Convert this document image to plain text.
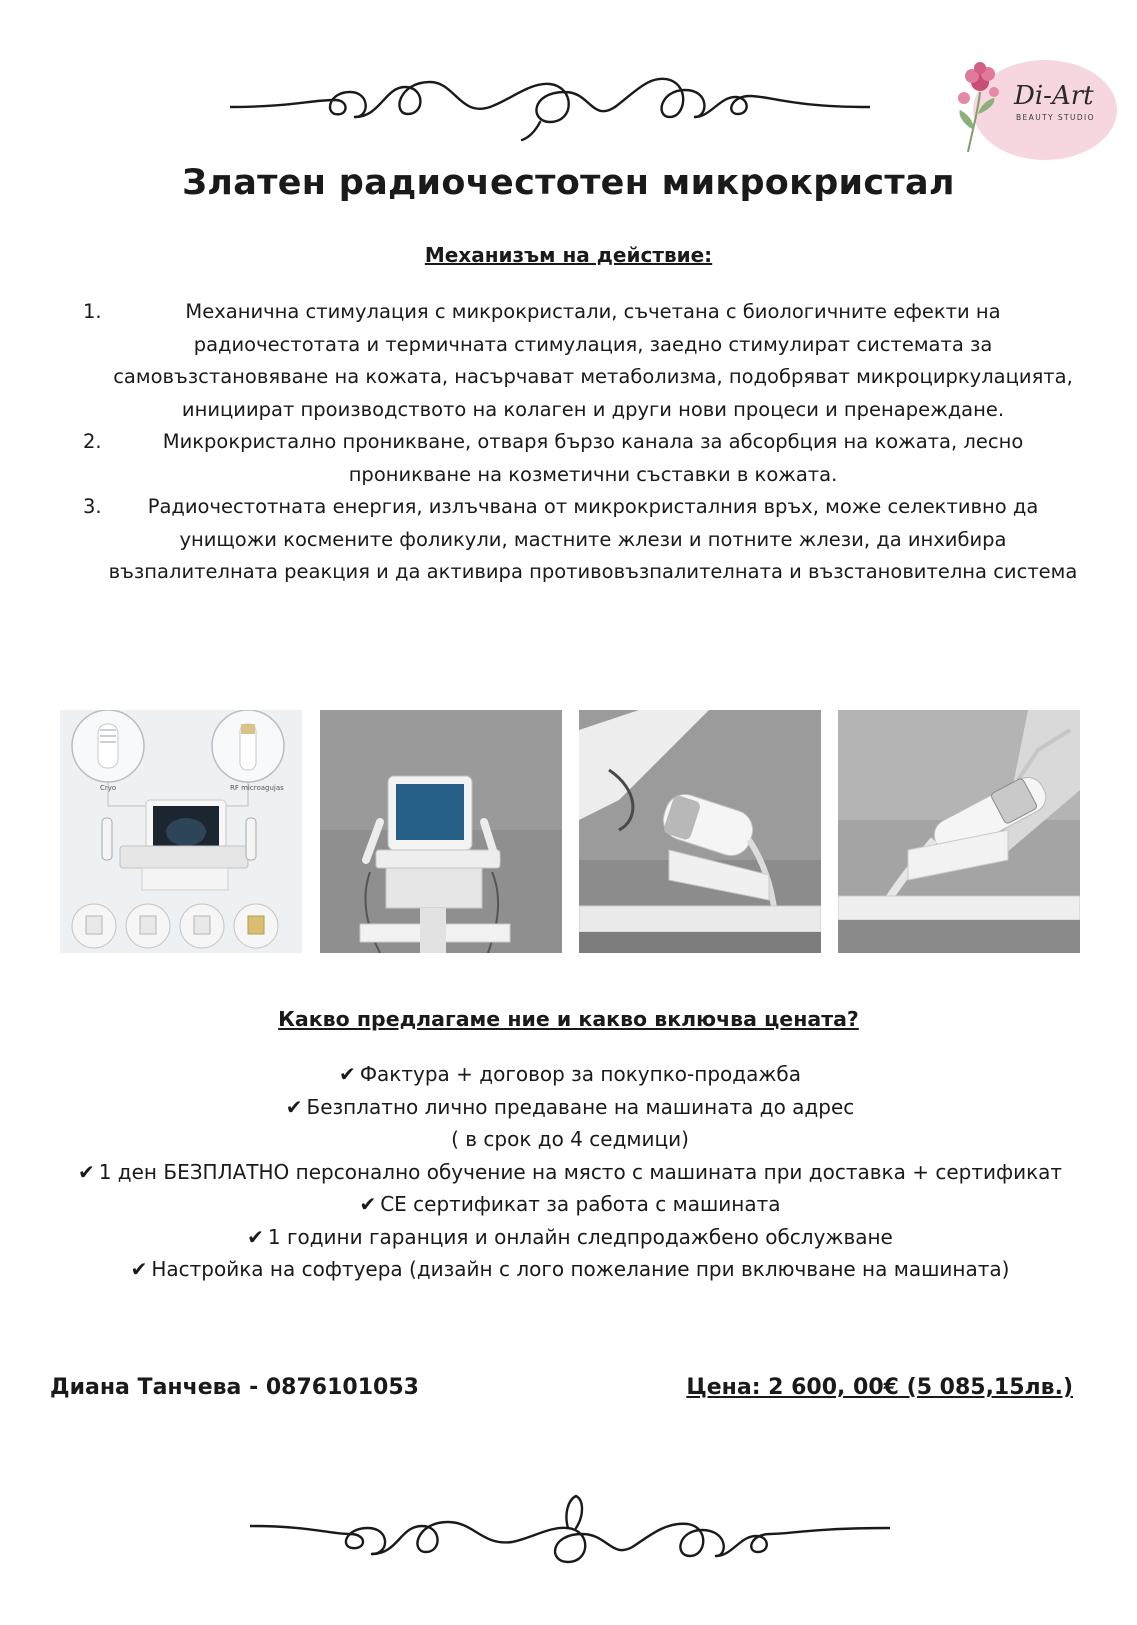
Di-Art
BEAUTY STUDIO
Златен радиочестотен микрокристал
Механизъм на действие:
1.	Механична стимулация с микрокристали, съчетана с биологичните ефекти на радиочестотата и термичната стимулация, заедно стимулират системата за самовъзстановяване на кожата, насърчават метаболизма, подобряват микроциркулацията, инициират производството на колаген и други нови процеси и пренареждане.
2.	Микрокристално проникване, отваря бързо канала за абсорбция на кожата, лесно проникване на козметични съставки в кожата.
3.	Радиочестотната енергия, излъчвана от микрокристалния връх, може селективно да унищожи космените фоликули, мастните жлези и потните жлези, да инхибира възпалителната реакция и да активира противовъзпалителната и възстановителна система
Cryo	RF microagujas
Какво предлагаме ние и какво включва цената?
✔ Фактура + договор за покупко-продажба
✔ Безплатно лично предаване на машината до адрес
( в срок до 4 седмици)
✔ 1 ден БЕЗПЛАТНО персонално обучение на място с машината при доставка + сертификат
✔ CE сертификат за работа с машината
✔ 1 години гаранция и онлайн следпродажбено обслужване
✔ Настройка на софтуера (дизайн с лого пожелание при включване на машината)
Диана Танчева - 0876101053	Цена: 2 600, 00€ (5 085,15лв.)
